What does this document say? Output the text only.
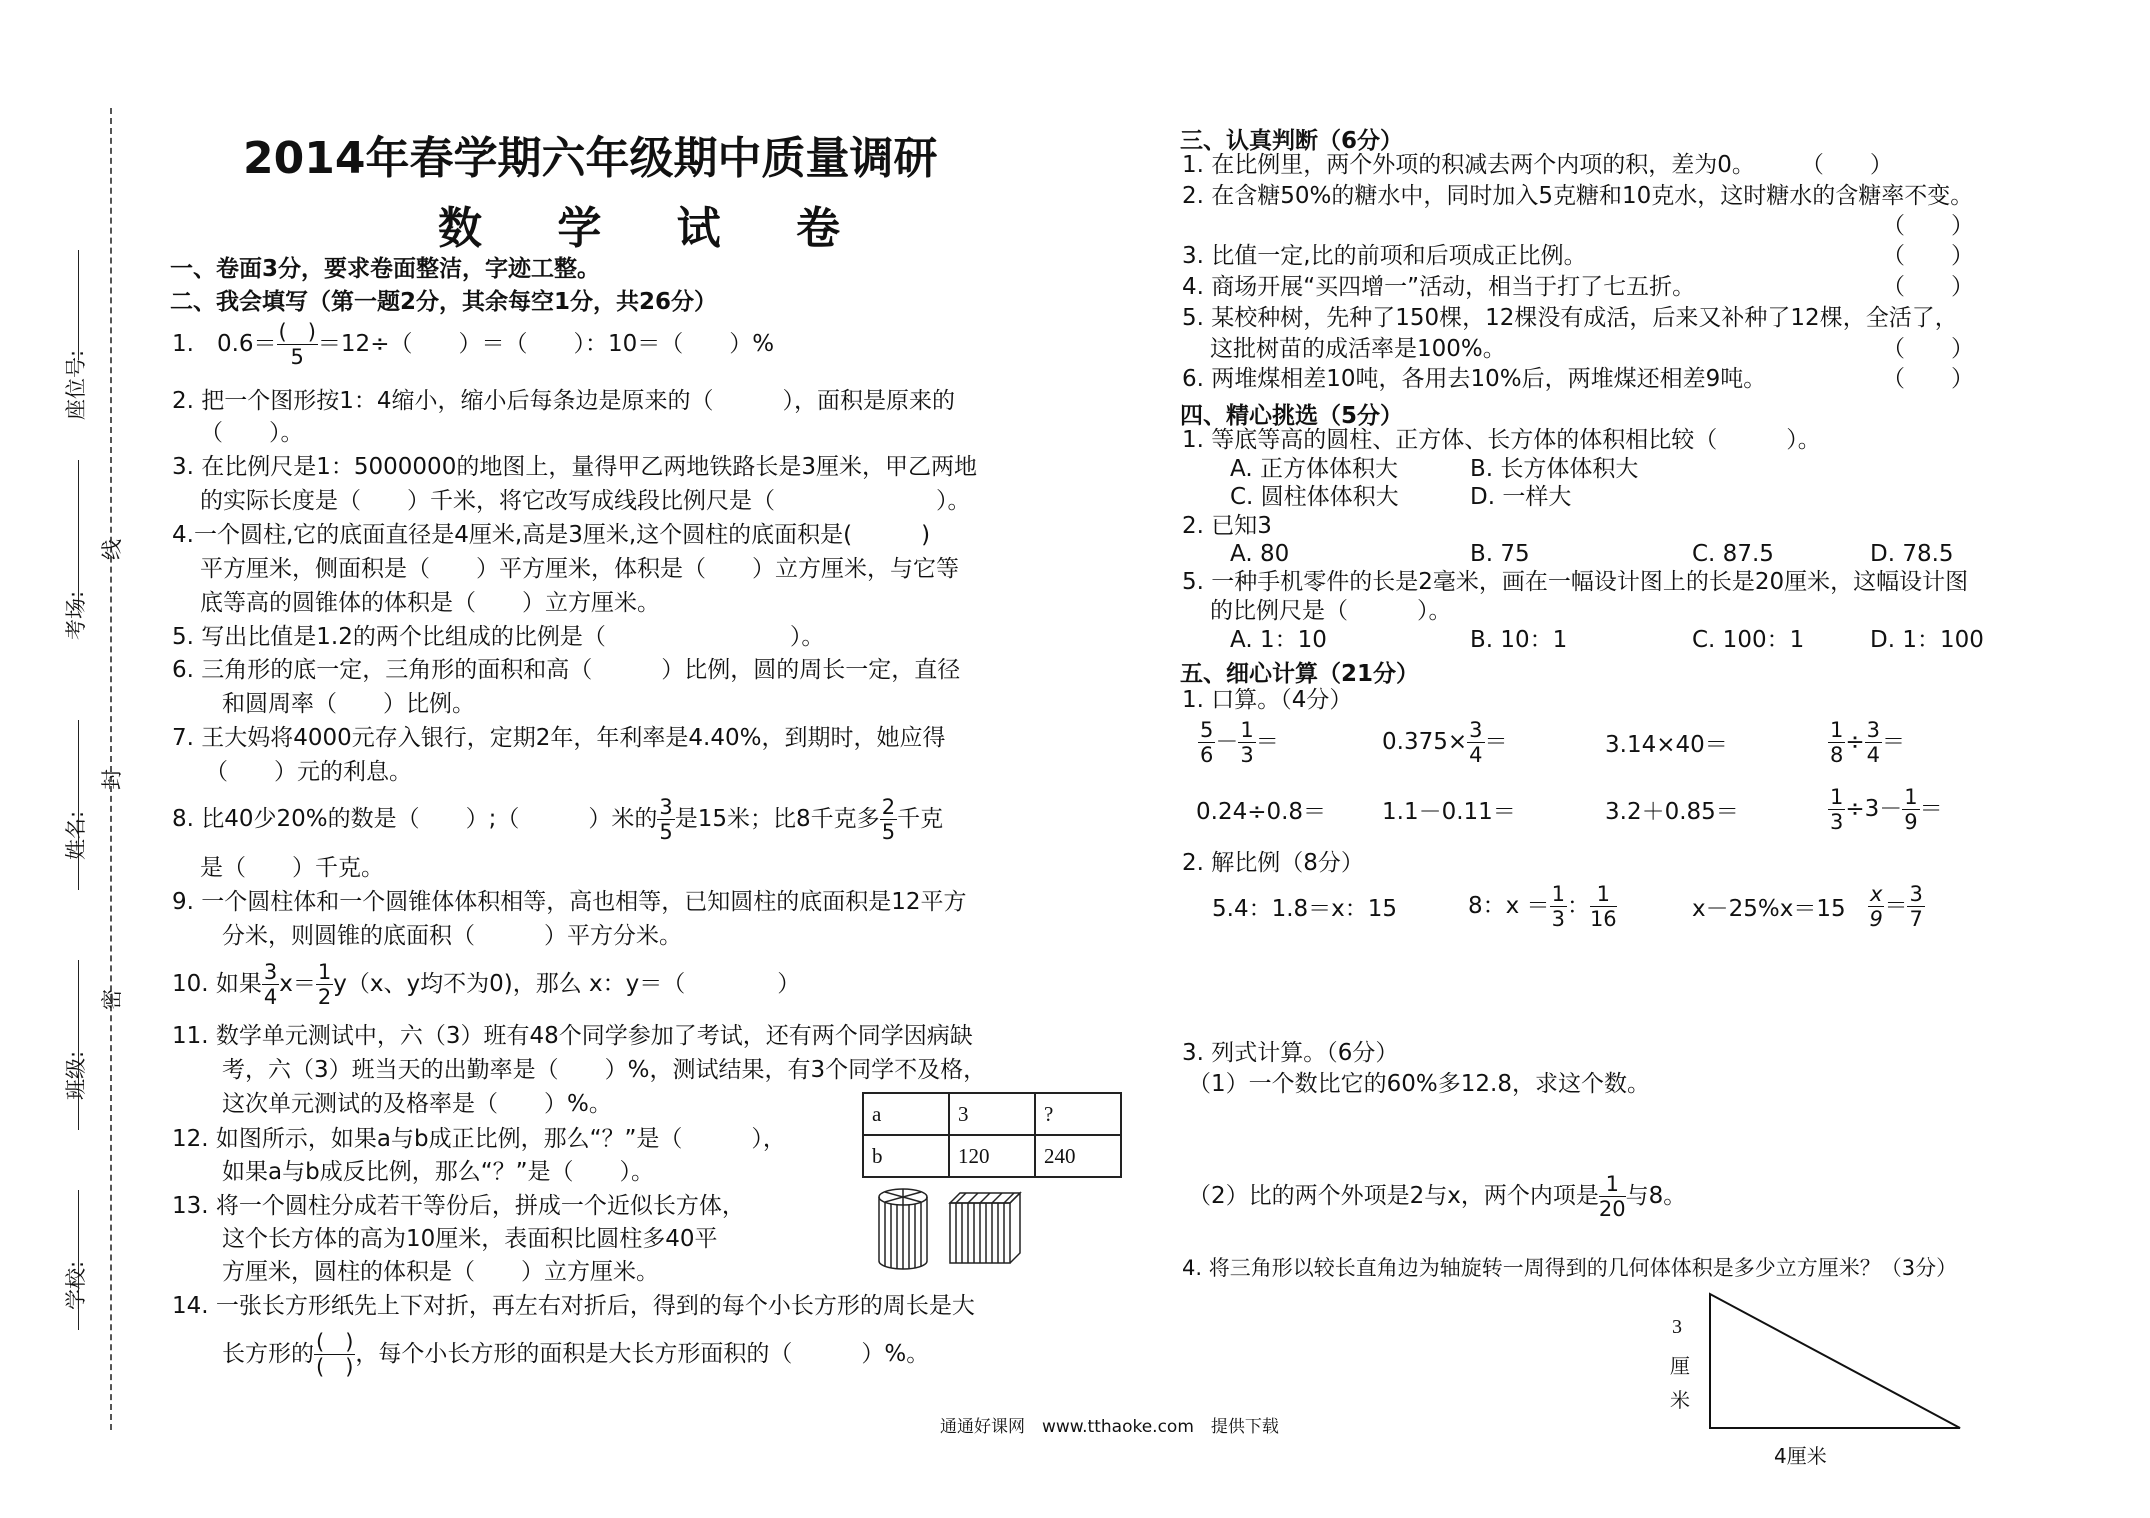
座位号:
考场:
线
姓名:
封
班级:
密
学校:
2014年春学期六年级期中质量调研
数 学 试 卷
一、卷面3分，要求卷面整洁，字迹工整。
二、我会填写（第一题2分，其余每空1分，共26分）
1.　$0.6= \frac{( )}{5} =12\div$（　　）＝（　　）：10＝（　　）%
2. 把一个图形按1：4缩小，缩小后每条边是原来的（　　　），面积是原来的
（　　）。
3. 在比例尺是1：5000000的地图上，量得甲乙两地铁路长是3厘米，甲乙两地
的实际长度是（　　）千米，将它改写成线段比例尺是（　　　　　　　）。
4.一个圆柱,它的底面直径是4厘米,高是3厘米,这个圆柱的底面积是(　　　)
平方厘米，侧面积是（　　）平方厘米，体积是（　　）立方厘米，与它等
底等高的圆锥体的体积是（　　）立方厘米。
5. 写出比值是1.2的两个比组成的比例是（　　　　　　　　）。
6. 三角形的底一定，三角形的面积和高（　　　）比例，圆的周长一定，直径
和圆周率（　　）比例。
7. 王大妈将4000元存入银行，定期2年，年利率是4.40%，到期时，她应得
（　　）元的利息。
8. 比40少20%的数是（　　）;（　　　）米的 $\frac{3}{5}$ 是15米；比8千克多 $\frac{2}{5}$ 千克
是（　　）千克。
9. 一个圆柱体和一个圆锥体体积相等，高也相等，已知圆柱的底面积是12平方
分米，则圆锥的底面积（　　　）平方分米。
10. 如果 $\frac{3}{4} x= \frac{1}{2} y(x$、y均不为0)，那么 x：y＝（　　　　）
11. 数学单元测试中，六（3）班有48个同学参加了考试，还有两个同学因病缺
考，六（3）班当天的出勤率是（　　）%，测试结果，有3个同学不及格，
这次单元测试的及格率是（　　）%。
12. 如图所示，如果a与b成正比例，那么“？”是（　　　），
如果a与b成反比例，那么“？”是（　　）。
a	3	?
b	120	240
13. 将一个圆柱分成若干等份后，拼成一个近似长方体，
这个长方体的高为10厘米，表面积比圆柱多40平
方厘米，圆柱的体积是（　　）立方厘米。
14. 一张长方形纸先上下对折，再左右对折后，得到的每个小长方形的周长是大
长方形的 $\frac{( )}{( )}$ ，每个小长方形的面积是大长方形面积的（　　　）%。
通通好课网　www.tthaoke.com　提供下载
三、认真判断（6分）
1. 在比例里，两个外项的积减去两个内项的积，差为0。　　　（　　）
2. 在含糖50%的糖水中，同时加入5克糖和10克水，这时糖水的含糖率不变。
（　　）
3. 比值一定,比的前项和后项成正比例。	（　　）
4. 商场开展“买四增一”活动，相当于打了七五折。	（　　）
5. 某校种树，先种了150棵，12棵没有成活，后来又补种了12棵，全活了，
这批树苗的成活率是100%。	（　　）
6. 两堆煤相差10吨，各用去10%后，两堆煤还相差9吨。	（　　）
四、精心挑选（5分）
1. 等底等高的圆柱、正方体、长方体的体积相比较（　　　）。
A. 正方体体积大	B. 长方体体积大
C. 圆柱体体积大	D. 一样大
2. 已知3
A. 80	B. 75	C. 87.5	D. 78.5
5. 一种手机零件的长是2毫米，画在一幅设计图上的长是20厘米，这幅设计图
的比例尺是（　　　）。
A. 1：10	B. 10：1	C. 100：1	D. 1：100
五、细心计算（21分）
1. 口算。（4分）
$\frac{5}{6} - \frac{1}{3}$ ＝	$0.375\times \frac{3}{4}$ ＝	3.14×40＝	$\frac{1}{8} \div \frac{3}{4}$ ＝
0.24÷0.8＝ 1.1－0.11＝	3.2＋0.85＝	$\frac{1}{3} \div 3- \frac{1}{9}$ ＝
2. 解比例（8分）
5.4：1.8＝x：15	8：$x = \frac{1}{3}$ ： $\frac{1}{16}$	$x-25\%x=15 \frac{x}{9} = \frac{3}{7}$
3. 列式计算。（6分）
（1）一个数比它的60%多12.8，求这个数。
（2）比的两个外项是2与x，两个内项是 $\frac{1}{20}$ 与8。
4. 将三角形以较长直角边为轴旋转一周得到的几何体体积是多少立方厘米？（3分）
3
厘
米
4厘米
